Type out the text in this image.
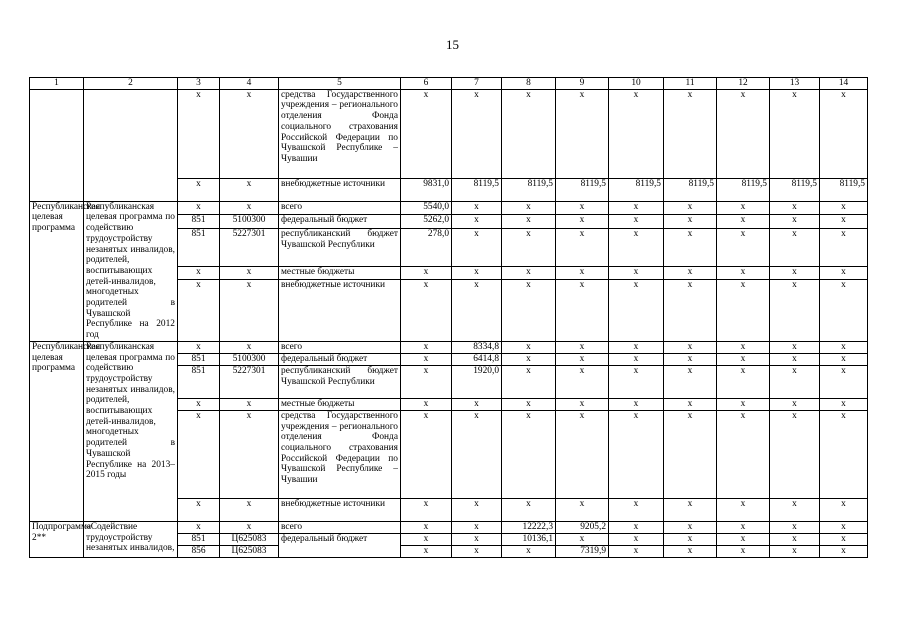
15
1	2	3	4	5	6	7	8	9	10	11	12	13	14
		х	х	средства Государственного учреждения – регионального отделения Фонда социального страхования Российской Федерации по Чувашской Республике – Чувашии	х	х	х	х	х	х	х	х	х
		х	х	внебюджетные источники	9831,0	8119,5	8119,5	8119,5	8119,5	8119,5	8119,5	8119,5	8119,5
Республиканская целевая программа	Республиканская целевая программа по содействию трудоустройству незанятых инвалидов, родителей, воспитывающих детей-инвалидов, многодетных родителей в Чувашской Республике на 2012 год	х	х	всего	5540,0	х	х	х	х	х	х	х	х
		851	5100300	федеральный бюджет	5262,0	х	х	х	х	х	х	х	х
		851	5227301	республиканский бюджет Чувашской Республики	278,0	х	х	х	х	х	х	х	х
		х	х	местные бюджеты	х	х	х	х	х	х	х	х	х
		х	х	внебюджетные источники	х	х	х	х	х	х	х	х	х
Республиканская целевая программа	Республиканская целевая программа по содействию трудоустройству незанятых инвалидов, родителей, воспитывающих детей-инвалидов, многодетных родителей в Чувашской Республике на 2013–2015 годы	х	х	всего	х	8334,8	х	х	х	х	х	х	х
		851	5100300	федеральный бюджет	х	6414,8	х	х	х	х	х	х	х
		851	5227301	республиканский бюджет Чувашской Республики	х	1920,0	х	х	х	х	х	х	х
		х	х	местные бюджеты	х	х	х	х	х	х	х	х	х
		х	х	средства Государственного учреждения – регионального отделения Фонда социального страхования Российской Федерации по Чувашской Республике – Чувашии	х	х	х	х	х	х	х	х	х
		х	х	внебюджетные источники	х	х	х	х	х	х	х	х	х
Подпрограмма 2**	«Содействие трудоустройству незанятых инвалидов,	х	х	всего	х	х	12222,3	9205,2	х	х	х	х	х
		851	Ц625083	федеральный бюджет	х	х	10136,1	х	х	х	х	х	х
		856	Ц625083		х	х	х	7319,9	х	х	х	х	х
